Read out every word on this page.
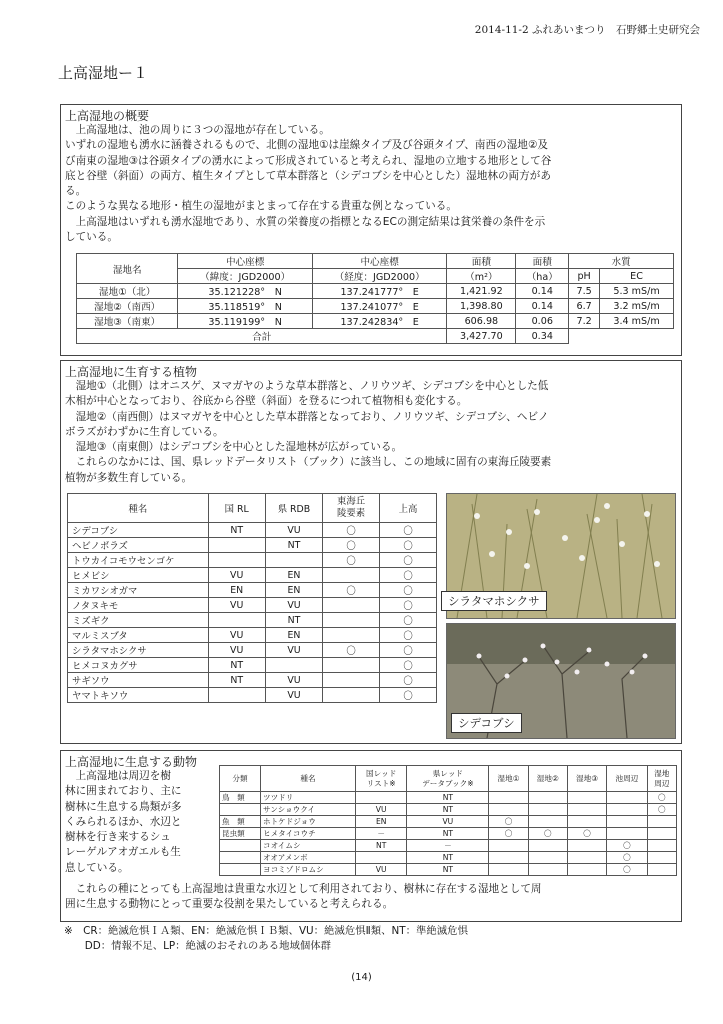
2014-11-2 ふれあいまつり　石野郷土史研究会
上高湿地ー１
上高湿地の概要
　上高湿地は、池の周りに３つの湿地が存在している。
いずれの湿地も湧水に涵養されるもので、北側の湿地①は崖線タイプ及び谷頭タイプ、南西の湿地②及
び南東の湿地③は谷頭タイプの湧水によって形成されていると考えられ、湿地の立地する地形として谷
底と谷壁（斜面）の両方、植生タイプとして草本群落と（シデコブシを中心とした）湿地林の両方があ
る。
このような異なる地形・植生の湿地がまとまって存在する貴重な例となっている。
　上高湿地はいずれも湧水湿地であり、水質の栄養度の指標となるECの測定結果は貧栄養の条件を示
している。
湿地名	中心座標	中心座標	面積	面積	水質	
	（緯度：JGD2000）	（経度：JGD2000）	（m²）	（ha）	pH	EC
湿地①（北）	35.121228°　N	137.241777°　E	1,421.92	0.14	7.5	5.3 mS/m
湿地②（南西）	35.118519°　N	137.241077°　E	1,398.80	0.14	6.7	3.2 mS/m
湿地③（南東）	35.119199°　N	137.242834°　E	606.98	0.06	7.2	3.4 mS/m
合計			3,427.70	0.34		
上高湿地に生育する植物
　湿地①（北側）はオニスゲ、ヌマガヤのような草本群落と、ノリウツギ、シデコブシを中心とした低
木相が中心となっており、谷底から谷壁（斜面）を登るにつれて植物相も変化する。
　湿地②（南西側）はヌマガヤを中心とした草本群落となっており、ノリウツギ、シデコブシ、ヘビノ
ボラズがわずかに生育している。
　湿地③（南東側）はシデコブシを中心とした湿地林が広がっている。
　これらのなかには、国、県レッドデータリスト（ブック）に該当し、この地域に固有の東海丘陵要素
植物が多数生育している。
種名	国 RL	県 RDB	東海丘
陵要素	上高
シデコブシ	NT	VU	〇	〇
ヘビノボラズ		NT	〇	〇
トウカイコモウセンゴケ			〇	〇
ヒメビシ	VU	EN		〇
ミカワシオガマ	EN	EN	〇	〇
ノタヌキモ	VU	VU		〇
ミズギク		NT		〇
マルミスブタ	VU	EN		〇
シラタマホシクサ	VU	VU	〇	〇
ヒメコヌカグサ	NT			〇
サギソウ	NT	VU		〇
ヤマトキソウ		VU		〇
シラタマホシクサ
シデコブシ
上高湿地に生息する動物
　上高湿地は周辺を樹
林に囲まれており、主に
樹林に生息する鳥類が多
くみられるほか、水辺と
樹林を行き来するシュ
レーゲルアオガエルも生
息している。
分類	種名	国レッド
リスト※	県レッド
データブック※	湿地①	湿地②	湿地③	池周辺	湿地
周辺
鳥　類	ツツドリ		NT					〇
	サンショウクイ	VU	NT					〇
魚　類	ホトケドジョウ	EN	VU	〇				
昆虫類	ヒメタイコウチ	－	NT	〇	〇	〇		
	コオイムシ	NT	－				〇	
	オオアメンボ		NT				〇	
	ヨコミゾドロムシ	VU	NT				〇	
　これらの種にとっても上高湿地は貴重な水辺として利用されており、樹林に存在する湿地として周
囲に生息する動物にとって重要な役割を果たしていると考えられる。
※　CR：絶滅危惧ＩＡ類、EN：絶滅危惧ＩＢ類、VU：絶滅危惧Ⅱ類、NT：準絶滅危惧
　　DD：情報不足、LP：絶滅のおそれのある地域個体群
(14)
